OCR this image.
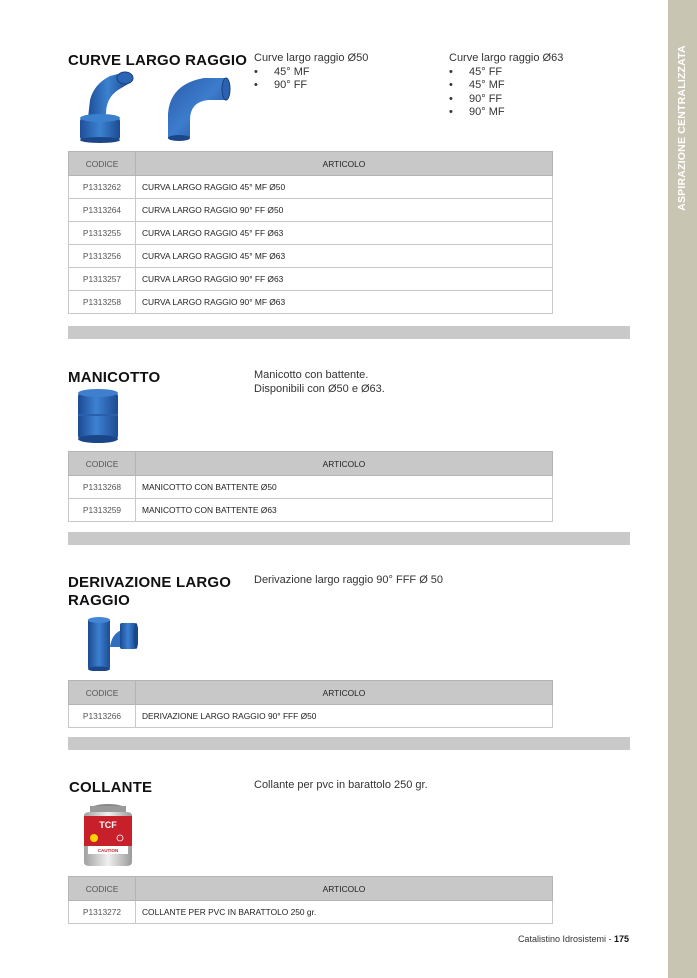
ASPIRAZIONE CENTRALIZZATA
CURVE LARGO RAGGIO Curve largo raggio Ø50
• 45° MF
• 90° FF
Curve largo raggio Ø63
• 45° FF
• 45° MF
• 90° FF
• 90° MF
CODICE	ARTICOLO
P1313262	CURVA LARGO RAGGIO 45° MF Ø50
P1313264	CURVA LARGO RAGGIO 90° FF Ø50
P1313255	CURVA LARGO RAGGIO 45° FF Ø63
P1313256	CURVA LARGO RAGGIO 45° MF Ø63
P1313257	CURVA LARGO RAGGIO 90° FF Ø63
P1313258	CURVA LARGO RAGGIO 90° MF Ø63
MANICOTTO	Manicotto con battente.
Disponibili con Ø50 e Ø63.
CODICE	ARTICOLO
P1313268	MANICOTTO CON BATTENTE Ø50
P1313259	MANICOTTO CON BATTENTE Ø63
DERIVAZIONE LARGO
RAGGIO
Derivazione largo raggio 90° FFF Ø 50
CODICE	ARTICOLO
P1313266	DERIVAZIONE LARGO RAGGIO 90° FFF Ø50
COLLANTE
TCF
CAUTION
Collante per pvc in barattolo 250 gr.
CODICE	ARTICOLO
P1313272	COLLANTE PER PVC IN BARATTOLO 250 gr.
Catalistino Idrosistemi - 175
